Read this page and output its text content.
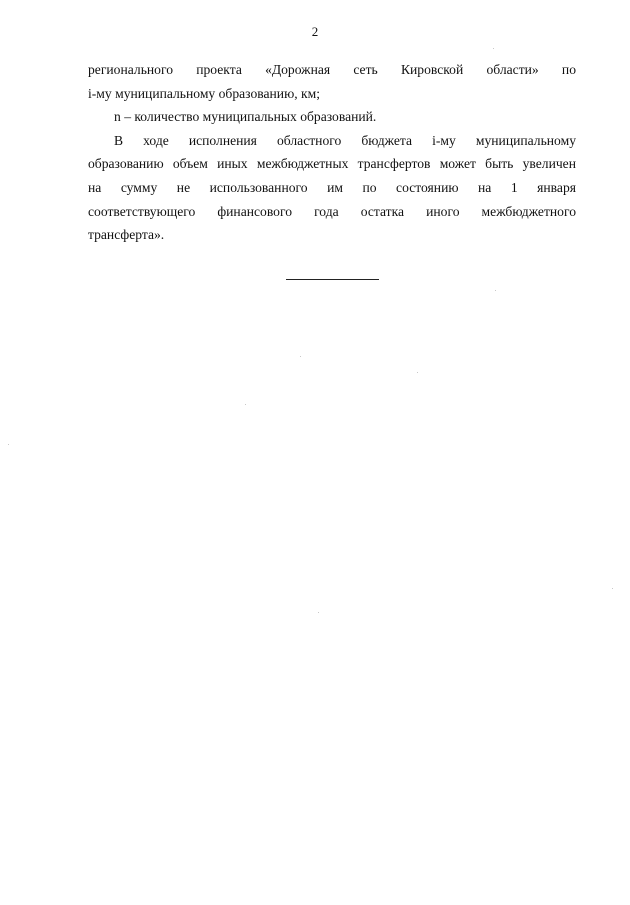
2
регионального проекта «Дорожная сеть Кировской области» по
i-му муниципальному образованию, км;
n – количество муниципальных образований.
В ходе исполнения областного бюджета i-му муниципальному
образованию объем иных межбюджетных трансфертов может быть увеличен
на сумму не использованного им по состоянию на 1 января
соответствующего финансового года остатка иного межбюджетного
трансферта».
